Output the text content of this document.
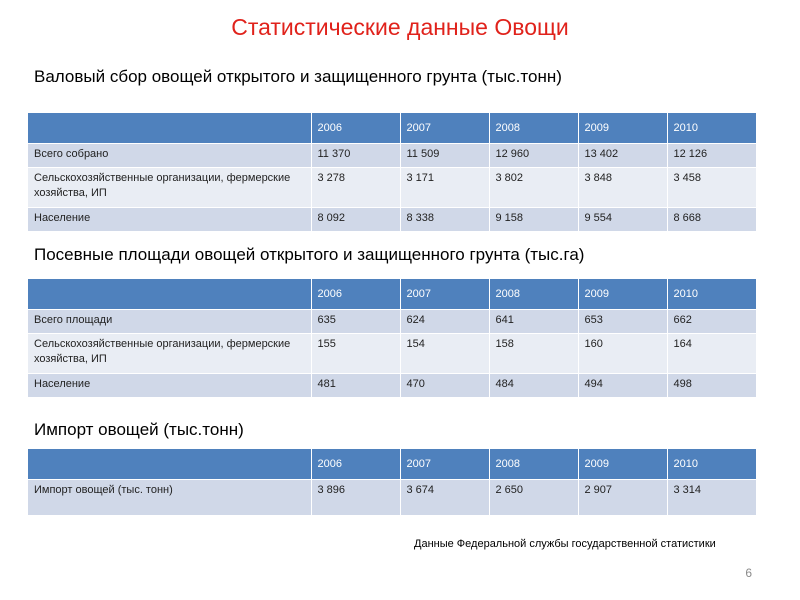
Статистические данные Овощи
Валовый сбор овощей открытого и защищенного грунта (тыс.тонн)
	2006	2007	2008	2009	2010
Всего собрано	11 370	11 509	12 960	13 402	12 126
Сельскохозяйственные организации, фермерские хозяйства, ИП	3 278	3 171	3 802	3 848	3 458
Население	8 092	8 338	9 158	9 554	8 668
Посевные площади овощей открытого и защищенного грунта (тыс.га)
	2006	2007	2008	2009	2010
Всего площади	635	624	641	653	662
Сельскохозяйственные организации, фермерские хозяйства, ИП	155	154	158	160	164
Население	481	470	484	494	498
Импорт овощей (тыс.тонн)
	2006	2007	2008	2009	2010
Импорт овощей (тыс. тонн)	3 896	3 674	2 650	2 907	3 314
Данные Федеральной службы государственной статистики
6
